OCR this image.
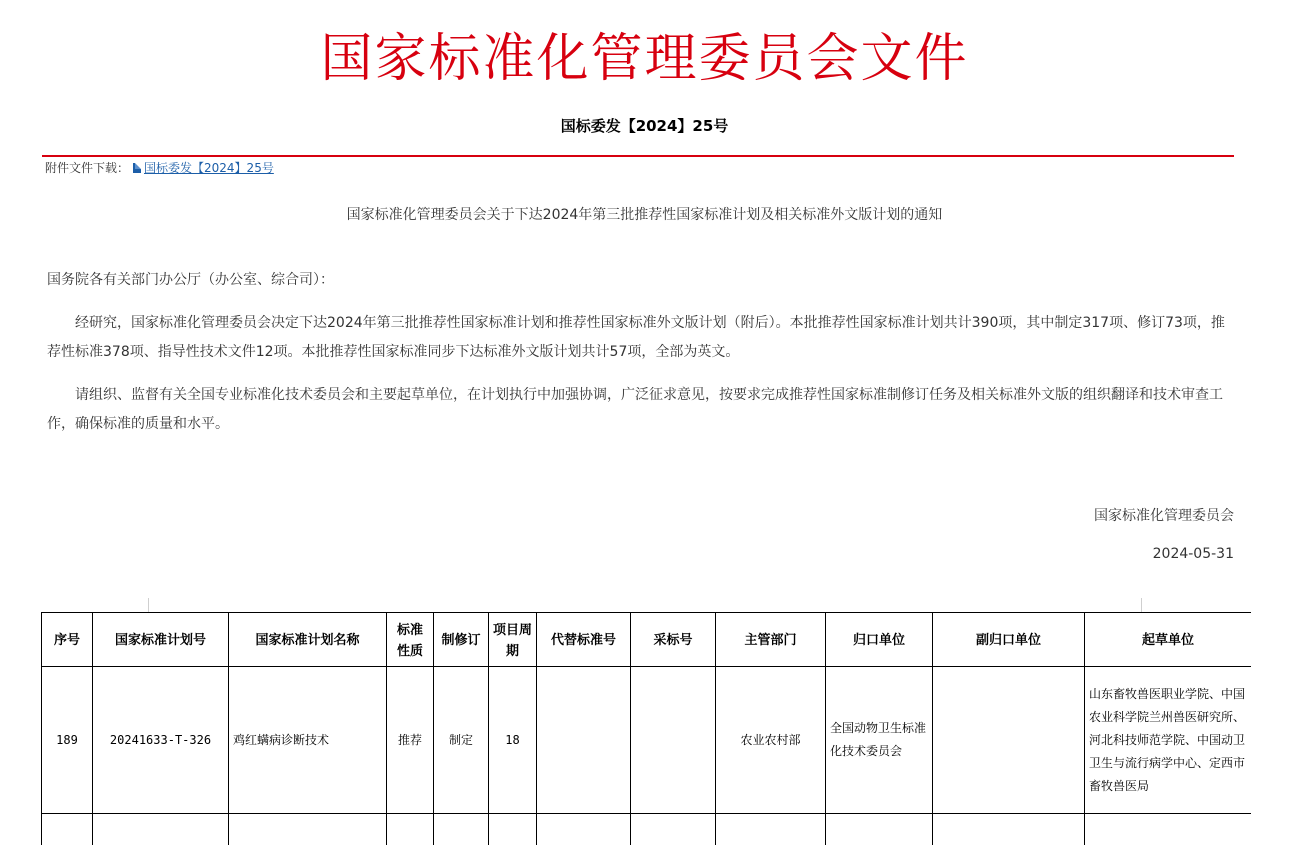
国家标准化管理委员会文件
国标委发【2024】25号
附件文件下载： 国标委发【2024】25号
国家标准化管理委员会关于下达2024年第三批推荐性国家标准计划及相关标准外文版计划的通知
国务院各有关部门办公厅（办公室、综合司）：

经研究，国家标准化管理委员会决定下达2024年第三批推荐性国家标准计划和推荐性国家标准外文版计划（附后）。本批推荐性国家标准计划共计390项，其中制定317项、修订73项，推荐性标准378项、指导性技术文件12项。本批推荐性国家标准同步下达标准外文版计划共计57项，全部为英文。

请组织、监督有关全国专业标准化技术委员会和主要起草单位，在计划执行中加强协调，广泛征求意见，按要求完成推荐性国家标准制修订任务及相关标准外文版的组织翻译和技术审查工作，确保标准的质量和水平。

国家标准化管理委员会
2024-05-31
序号	国家标准计划号	国家标准计划名称	标准性质	制修订	项目周期	代替标准号	采标号	主管部门	归口单位	副归口单位	起草单位
189	20241633-T-326	鸡红螨病诊断技术	推荐	制定	18			农业农村部	全国动物卫生标准化技术委员会		山东畜牧兽医职业学院、中国农业科学院兰州兽医研究所、河北科技师范学院、中国动卫卫生与流行病学中心、定西市畜牧兽医局
